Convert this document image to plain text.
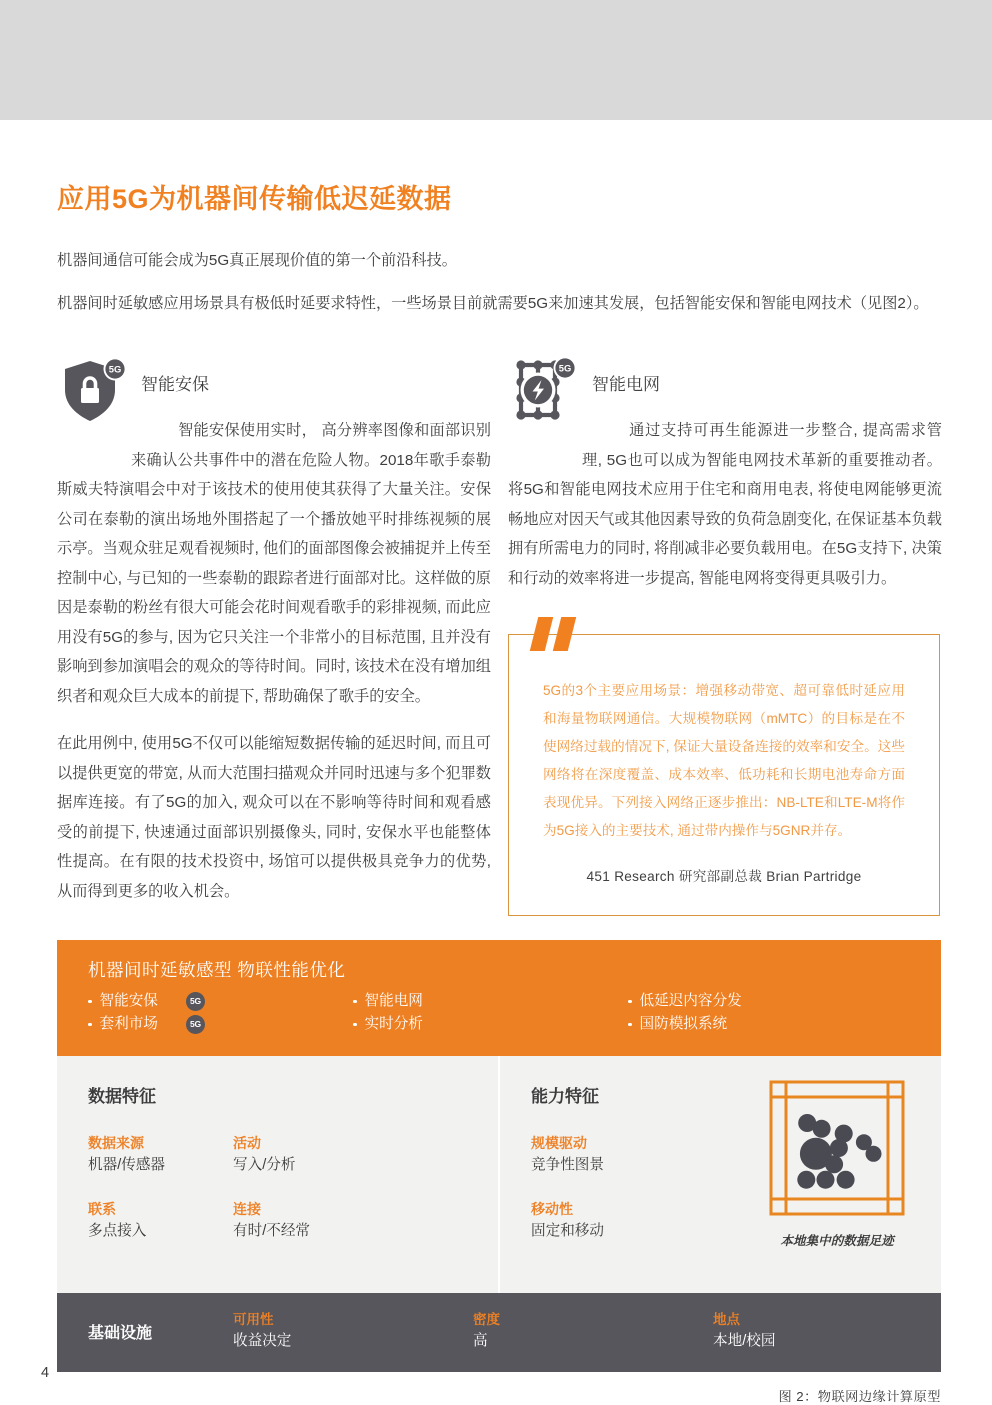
应用5G为机器间传输低迟延数据
机器间通信可能会成为5G真正展现价值的第一个前沿科技。
机器间时延敏感应用场景具有极低时延要求特性，一些场景目前就需要5G来加速其发展，包括智能安保和智能电网技术（见图2）。
5G
智能安保

智能安保使用实时， 高分辨率图像和面部识别来确认公共事件中的潜在危险人物。2018年歌手泰勒斯威夫特演唱会中对于该技术的使用使其获得了大量关注。安保公司在泰勒的演出场地外围搭起了一个播放她平时排练视频的展示亭。当观众驻足观看视频时, 他们的面部图像会被捕捉并上传至控制中心, 与已知的一些泰勒的跟踪者进行面部对比。这样做的原因是泰勒的粉丝有很大可能会花时间观看歌手的彩排视频, 而此应用没有5G的参与, 因为它只关注一个非常小的目标范围, 且并没有影响到参加演唱会的观众的等待时间。同时, 该技术在没有增加组织者和观众巨大成本的前提下, 帮助确保了歌手的安全。

在此用例中, 使用5G不仅可以能缩短数据传输的延迟时间, 而且可以提供更宽的带宽, 从而大范围扫描观众并同时迅速与多个犯罪数据库连接。有了5G的加入, 观众可以在不影响等待时间和观看感受的前提下, 快速通过面部识别摄像头, 同时, 安保水平也能整体性提高。在有限的技术投资中, 场馆可以提供极具竞争力的优势, 从而得到更多的收入机会。

5G
智能电网

通过支持可再生能源进一步整合, 提高需求管理, 5G也可以成为智能电网技术革新的重要推动者。将5G和智能电网技术应用于住宅和商用电表, 将使电网能够更流畅地应对因天气或其他因素导致的负荷急剧变化, 在保证基本负载拥有所需电力的同时, 将削减非必要负载用电。在5G支持下, 决策和行动的效率将进一步提高, 智能电网将变得更具吸引力。

5G的3个主要应用场景：增强移动带宽、超可靠低时延应用和海量物联网通信。大规模物联网（mMTC）的目标是在不使网络过载的情况下, 保证大量设备连接的效率和安全。这些网络将在深度覆盖、成本效率、低功耗和长期电池寿命方面表现优异。下列接入网络正逐步推出：NB-LTE和LTE-M将作为5G接入的主要技术, 通过带内操作与5GNR并存。

451 Research 研究部副总裁 Brian Partridge
机器间时延敏感型 物联性能优化
智能安保	5G
套利市场	5G
智能电网
实时分析
低延迟内容分发
国防模拟系统
数据特征
数据来源
机器/传感器
活动
写入/分析
联系
多点接入
连接
有时/不经常
能力特征
规模驱动
竞争性图景
移动性
固定和移动
本地集中的数据足迹
基础设施
可用性
收益决定
密度
高
地点
本地/校园
图 2：物联网边缘计算原型
4
